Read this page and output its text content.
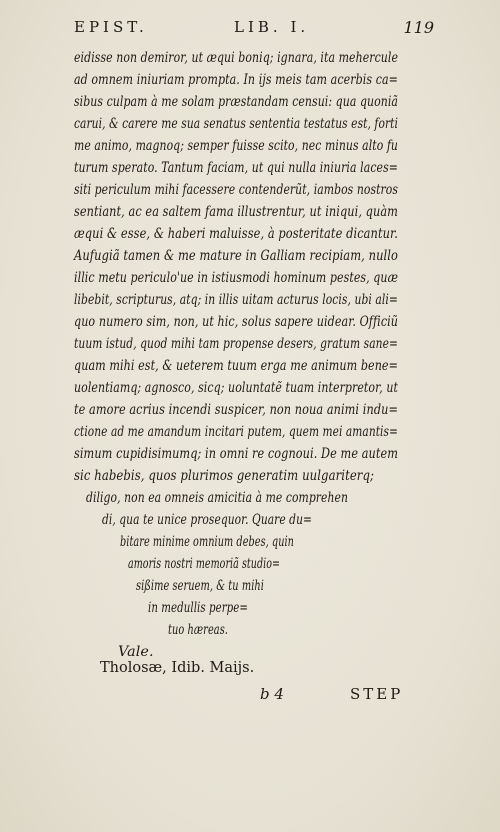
EPIST.	LIB. I.	119
eidisse non demiror, ut æqui boniq; ignara, ita mehercule
ad omnem iniuriam prompta. In ijs meis tam acerbis ca=
sibus culpam à me solam præstandam censui: qua quoniã
carui, & carere me sua senatus sententia testatus est, forti
me animo, magnoq; semper fuisse scito, nec minus alto fu
turum sperato. Tantum faciam, ut qui nulla iniuria laces=
siti periculum mihi facessere contenderũt, iambos nostros
sentiant, ac ea saltem fama illustrentur, ut iniqui, quàm
æqui & esse, & haberi maluisse, à posteritate dicantur.
Aufugiã tamen & me mature in Galliam recipiam, nullo
illic metu periculo'ue in istiusmodi hominum pestes, quæ
libebit, scripturus, atq; in illis uitam acturus locis, ubi ali=
quo numero sim, non, ut hic, solus sapere uidear. Officiũ
tuum istud, quod mihi tam propense desers, gratum sane=
quam mihi est, & ueterem tuum erga me animum bene=
uolentiamq; agnosco, sicq; uoluntatẽ tuam interpretor, ut
te amore acrius incendi suspicer, non noua animi indu=
ctione ad me amandum incitari putem, quem mei amantis=
simum cupidisimumq; in omni re cognoui. De me autem
sic habebis, quos plurimos generatim uulgariterq;
diligo, non ea omneis amicitia à me comprehen
di, qua te unice prosequor. Quare du=
bitare minime omnium debes, quin
amoris nostri memoriã studio=
sißime seruem, & tu mihi
in medullis perpe=
tuo hæreas.
Vale.
Tholosæ, Idib. Maijs.
b 4	STEP
